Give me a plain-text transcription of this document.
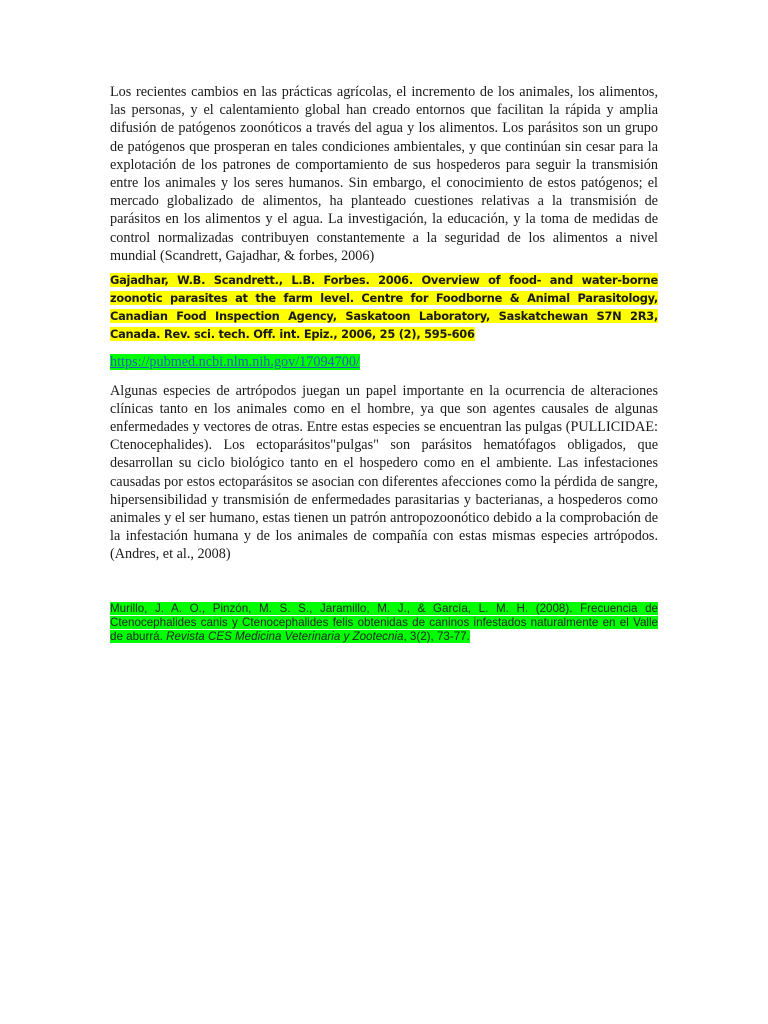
Los recientes cambios en las prácticas agrícolas, el incremento de los animales, los alimentos, las personas, y el calentamiento global han creado entornos que facilitan la rápida y amplia difusión de patógenos zoonóticos a través del agua y los alimentos. Los parásitos son un grupo de patógenos que prosperan en tales condiciones ambientales, y que continúan sin cesar para la explotación de los patrones de comportamiento de sus hospederos para seguir la transmisión entre los animales y los seres humanos. Sin embargo, el conocimiento de estos patógenos; el mercado globalizado de alimentos, ha planteado cuestiones relativas a la transmisión de parásitos en los alimentos y el agua. La investigación, la educación, y la toma de medidas de control normalizadas contribuyen constantemente a la seguridad de los alimentos a nivel mundial (Scandrett, Gajadhar, & forbes, 2006)

Gajadhar, W.B. Scandrett., L.B. Forbes. 2006. Overview of food- and water-borne zoonotic parasites at the farm level. Centre for Foodborne & Animal Parasitology, Canadian Food Inspection Agency, Saskatoon Laboratory, Saskatchewan S7N 2R3, Canada. Rev. sci. tech. Off. int. Epiz., 2006, 25 (2), 595-606
https://pubmed.ncbi.nlm.nih.gov/17094700/

Algunas especies de artrópodos juegan un papel importante en la ocurrencia de alteraciones clínicas tanto en los animales como en el hombre, ya que son agentes causales de algunas enfermedades y vectores de otras. Entre estas especies se encuentran las pulgas (PULLICIDAE: Ctenocephalides). Los ectoparásitos"pulgas" son parásitos hematófagos obligados, que desarrollan su ciclo biológico tanto en el hospedero como en el ambiente. Las infestaciones causadas por estos ectoparásitos se asocian con diferentes afecciones como la pérdida de sangre, hipersensibilidad y transmisión de enfermedades parasitarias y bacterianas, a hospederos como animales y el ser humano, estas tienen un patrón antropozoonótico debido a la comprobación de la infestación humana y de los animales de compañía con estas mismas especies artrópodos. (Andres, et al., 2008)

Murillo, J. A. O., Pinzón, M. S. S., Jaramillo, M. J., & García, L. M. H. (2008). Frecuencia de Ctenocephalides canis y Ctenocephalides felis obtenidas de caninos infestados naturalmente en el Valle de aburrá. Revista CES Medicina Veterinaria y Zootecnia, 3(2), 73-77.
